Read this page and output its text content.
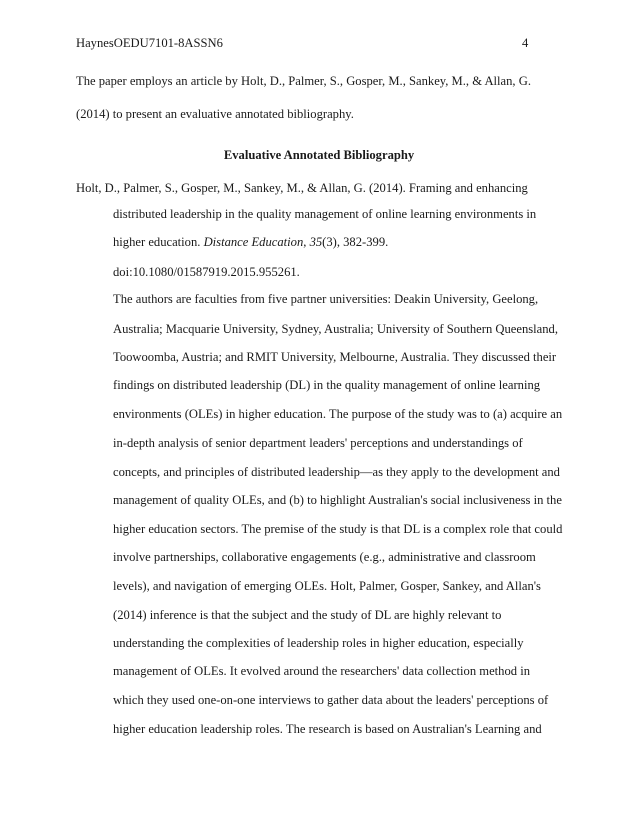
HaynesOEDU7101-8ASSN6	4
The paper employs an article by Holt, D., Palmer, S., Gosper, M., Sankey, M., & Allan, G.
(2014) to present an evaluative annotated bibliography.
Evaluative Annotated Bibliography
Holt, D., Palmer, S., Gosper, M., Sankey, M., & Allan, G. (2014). Framing and enhancing
distributed leadership in the quality management of online learning environments in
higher education. Distance Education, 35(3), 382-399.
doi:10.1080/01587919.2015.955261.
The authors are faculties from five partner universities: Deakin University, Geelong,
Australia; Macquarie University, Sydney, Australia; University of Southern Queensland,
Toowoomba, Austria; and RMIT University, Melbourne, Australia. They discussed their
findings on distributed leadership (DL) in the quality management of online learning
environments (OLEs) in higher education. The purpose of the study was to (a) acquire an
in-depth analysis of senior department leaders' perceptions and understandings of
concepts, and principles of distributed leadership—as they apply to the development and
management of quality OLEs, and (b) to highlight Australian's social inclusiveness in the
higher education sectors. The premise of the study is that DL is a complex role that could
involve partnerships, collaborative engagements (e.g., administrative and classroom
levels), and navigation of emerging OLEs. Holt, Palmer, Gosper, Sankey, and Allan's
(2014) inference is that the subject and the study of DL are highly relevant to
understanding the complexities of leadership roles in higher education, especially
management of OLEs. It evolved around the researchers' data collection method in
which they used one-on-one interviews to gather data about the leaders' perceptions of
higher education leadership roles. The research is based on Australian's Learning and
